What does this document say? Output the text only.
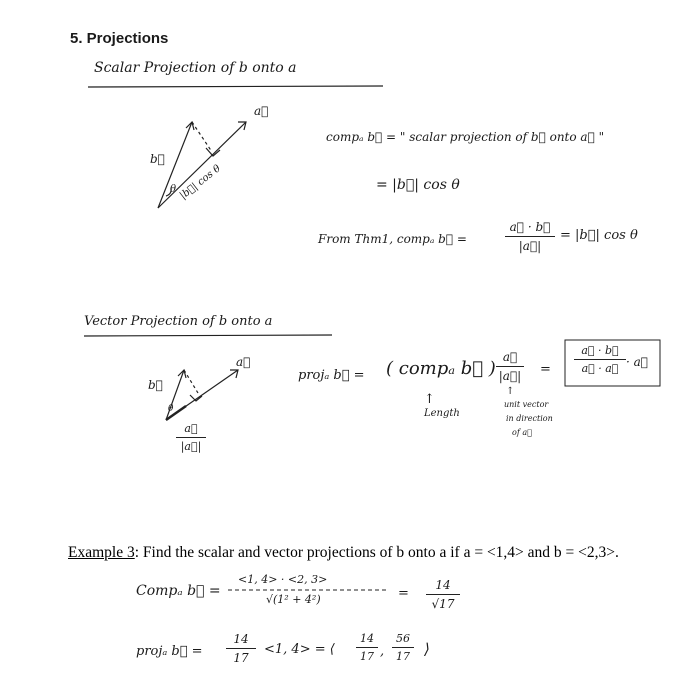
5. Projections
Scalar Projection of b onto a
a⃗
b⃗
θ |b⃗| cos θ
compₐ b⃗ = " scalar projection of b⃗ onto a⃗ "
= |b⃗| cos θ
From Thm1, compₐ b⃗ =
a⃗ · b⃗
|a⃗|
= |b⃗| cos θ
Vector Projection of b onto a
a⃗
b⃗
θ
a⃗
|a⃗|
projₐ b⃗ = ( compₐ b⃗ )
a⃗
|a⃗| =
a⃗ · b⃗
a⃗ · a⃗ · a⃗
↑
Length
↑
unit vector
in direction
of a⃗
Example 3: Find the scalar and vector projections of b onto a if a = <1,4> and b = <2,3>.
Compₐ b⃗ =
<1, 4> · <2, 3>
√(1² + 4²)	=
14
√17
projₐ b⃗ =
14
17
<1, 4> = ⟨
14
17 ,
56
17 ⟩
